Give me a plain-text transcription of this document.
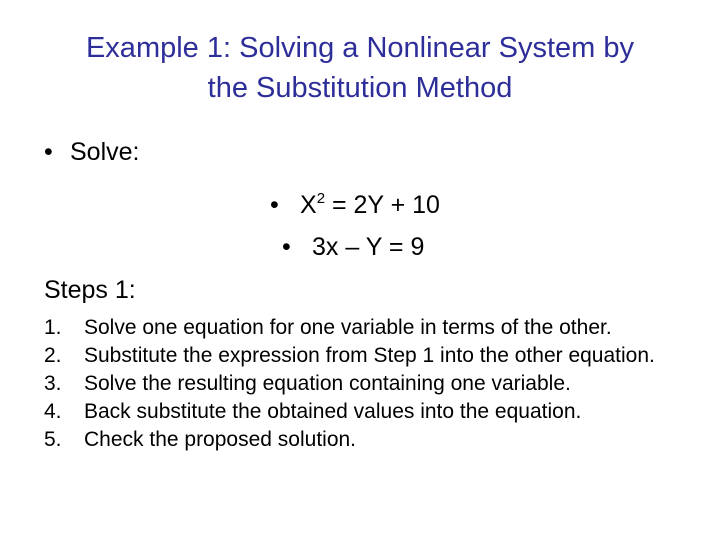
Example 1: Solving a Nonlinear System by
the Substitution Method
• Solve:
• $X^2 = 2Y + 10$
• 3x – Y = 9
Steps 1:
1.	Solve one equation for one variable in terms of the other.
2.	Substitute the expression from Step 1 into the other equation.
3.	Solve the resulting equation containing one variable.
4.	Back substitute the obtained values into the equation.
5.	Check the proposed solution.
